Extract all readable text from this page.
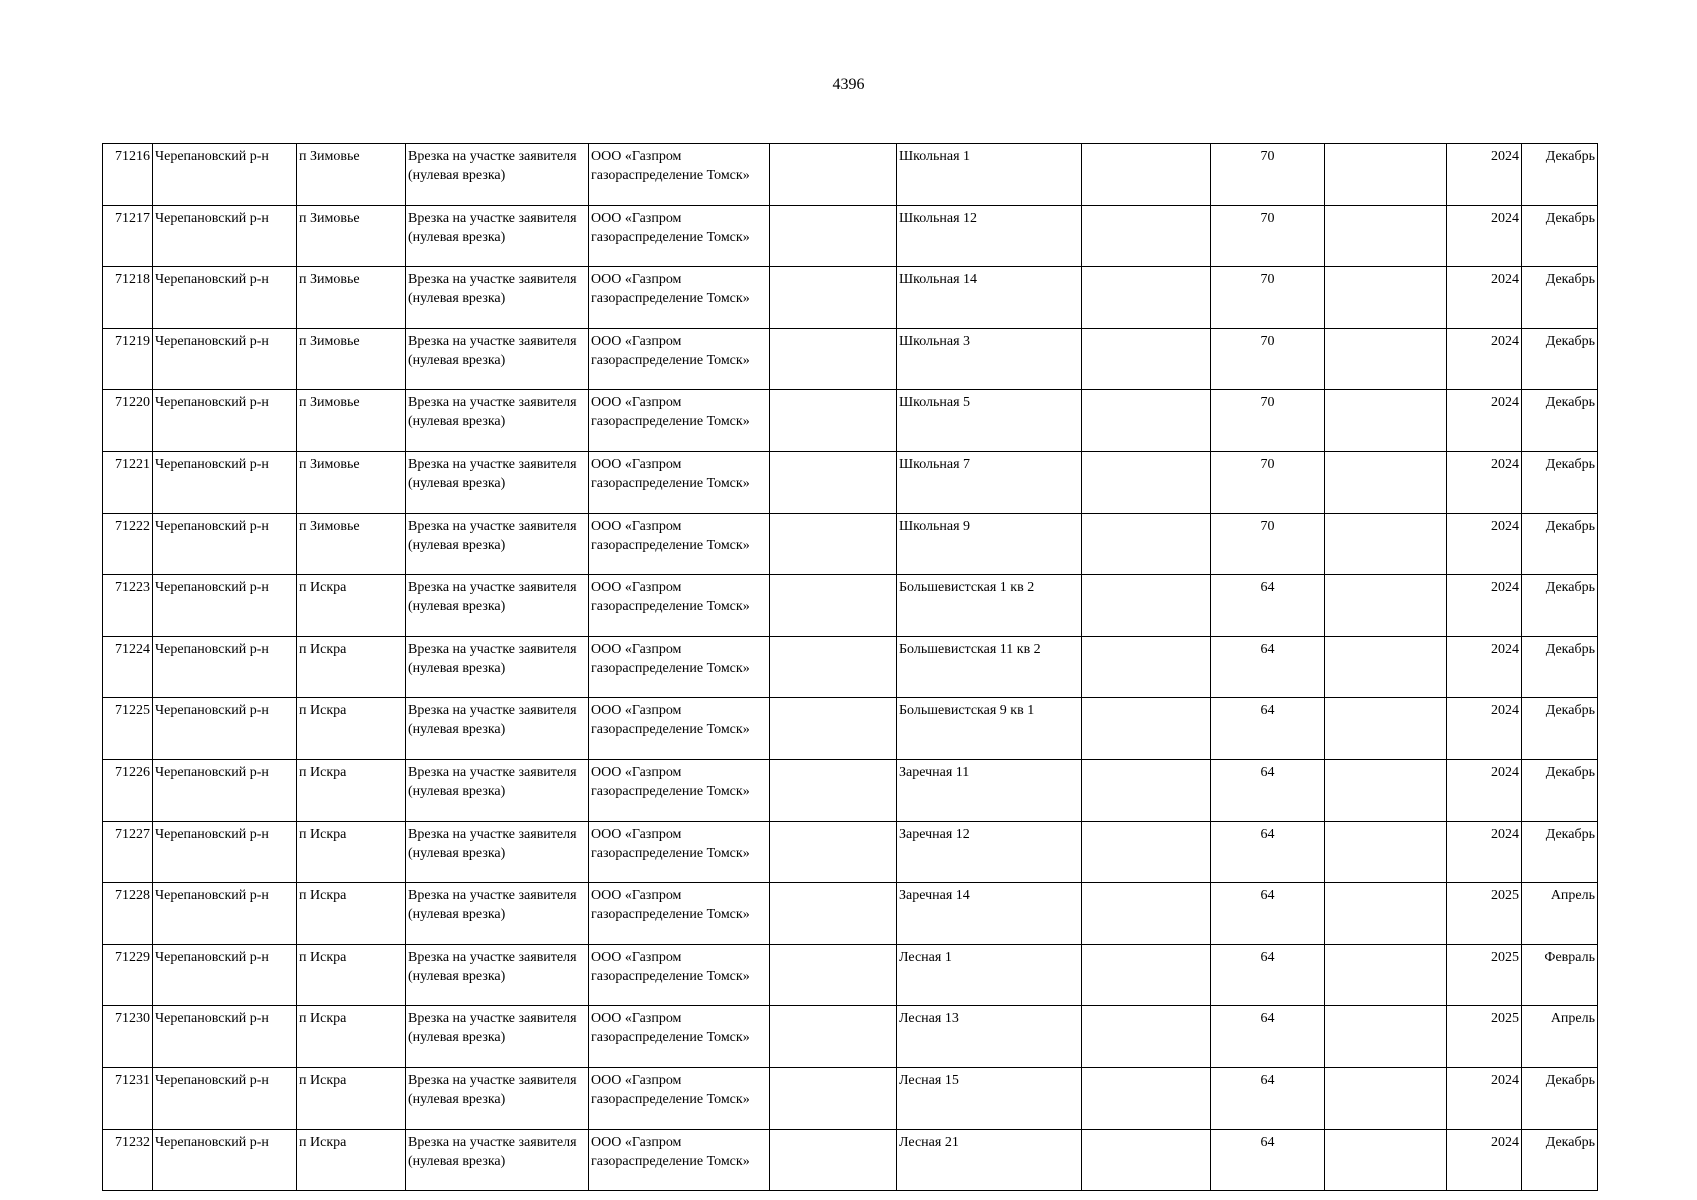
4396
71216	Черепановский р-н	п Зимовье	Врезка на участке заявителя (нулевая врезка)	ООО «Газпром газораспределение Томск»		Школьная 1		70		2024	Декабрь
71217	Черепановский р-н	п Зимовье	Врезка на участке заявителя (нулевая врезка)	ООО «Газпром газораспределение Томск»		Школьная 12		70		2024	Декабрь
71218	Черепановский р-н	п Зимовье	Врезка на участке заявителя (нулевая врезка)	ООО «Газпром газораспределение Томск»		Школьная 14		70		2024	Декабрь
71219	Черепановский р-н	п Зимовье	Врезка на участке заявителя (нулевая врезка)	ООО «Газпром газораспределение Томск»		Школьная 3		70		2024	Декабрь
71220	Черепановский р-н	п Зимовье	Врезка на участке заявителя (нулевая врезка)	ООО «Газпром газораспределение Томск»		Школьная 5		70		2024	Декабрь
71221	Черепановский р-н	п Зимовье	Врезка на участке заявителя (нулевая врезка)	ООО «Газпром газораспределение Томск»		Школьная 7		70		2024	Декабрь
71222	Черепановский р-н	п Зимовье	Врезка на участке заявителя (нулевая врезка)	ООО «Газпром газораспределение Томск»		Школьная 9		70		2024	Декабрь
71223	Черепановский р-н	п Искра	Врезка на участке заявителя (нулевая врезка)	ООО «Газпром газораспределение Томск»		Большевистская 1 кв 2		64		2024	Декабрь
71224	Черепановский р-н	п Искра	Врезка на участке заявителя (нулевая врезка)	ООО «Газпром газораспределение Томск»		Большевистская 11 кв 2		64		2024	Декабрь
71225	Черепановский р-н	п Искра	Врезка на участке заявителя (нулевая врезка)	ООО «Газпром газораспределение Томск»		Большевистская 9 кв 1		64		2024	Декабрь
71226	Черепановский р-н	п Искра	Врезка на участке заявителя (нулевая врезка)	ООО «Газпром газораспределение Томск»		Заречная 11		64		2024	Декабрь
71227	Черепановский р-н	п Искра	Врезка на участке заявителя (нулевая врезка)	ООО «Газпром газораспределение Томск»		Заречная 12		64		2024	Декабрь
71228	Черепановский р-н	п Искра	Врезка на участке заявителя (нулевая врезка)	ООО «Газпром газораспределение Томск»		Заречная 14		64		2025	Апрель
71229	Черепановский р-н	п Искра	Врезка на участке заявителя (нулевая врезка)	ООО «Газпром газораспределение Томск»		Лесная 1		64		2025	Февраль
71230	Черепановский р-н	п Искра	Врезка на участке заявителя (нулевая врезка)	ООО «Газпром газораспределение Томск»		Лесная 13		64		2025	Апрель
71231	Черепановский р-н	п Искра	Врезка на участке заявителя (нулевая врезка)	ООО «Газпром газораспределение Томск»		Лесная 15		64		2024	Декабрь
71232	Черепановский р-н	п Искра	Врезка на участке заявителя (нулевая врезка)	ООО «Газпром газораспределение Томск»		Лесная 21		64		2024	Декабрь
